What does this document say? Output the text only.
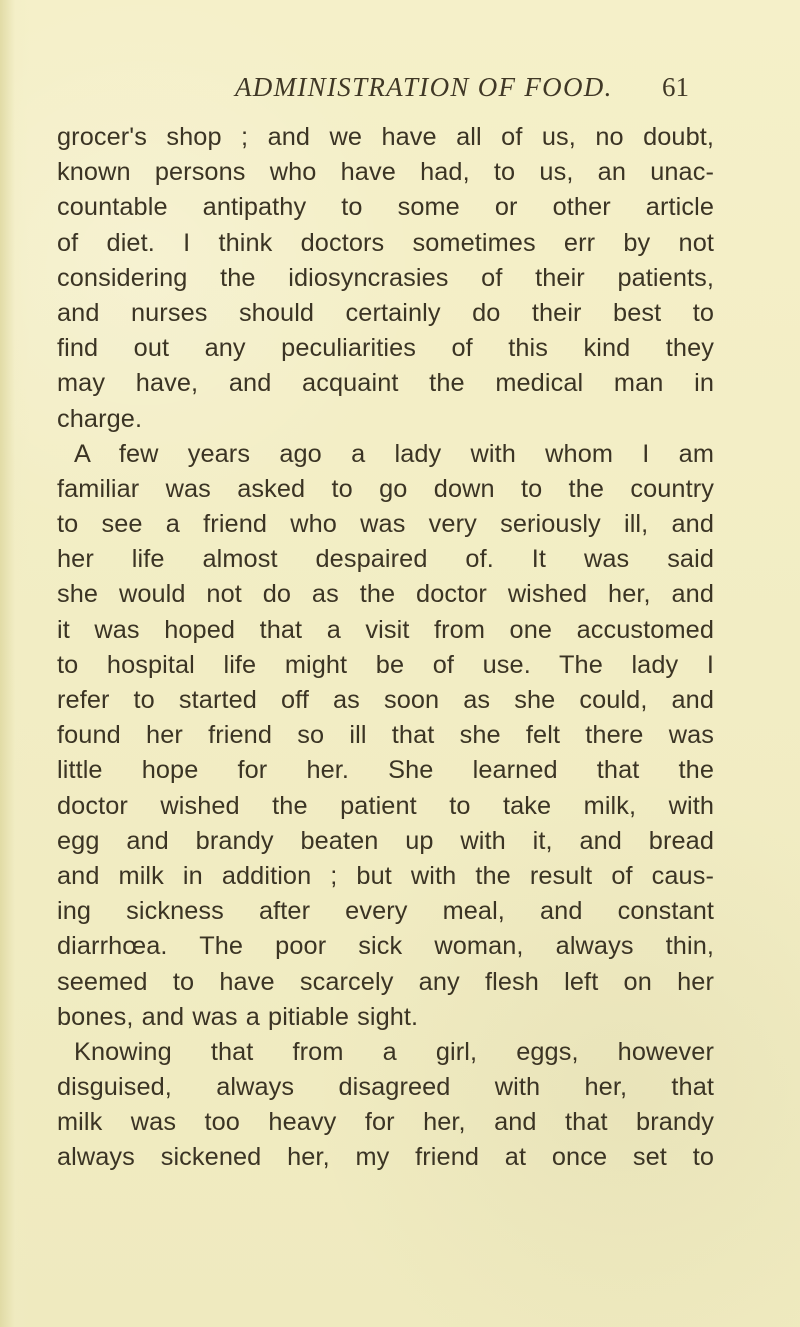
ADMINISTRATION OF FOOD. 61
grocer's shop ; and we have all of us, no doubt,
known persons who have had, to us, an unac-
countable antipathy to some or other article
of diet. I think doctors sometimes err by not
considering the idiosyncrasies of their patients,
and nurses should certainly do their best to
find out any peculiarities of this kind they
may have, and acquaint the medical man in
charge.
A few years ago a lady with whom I am
familiar was asked to go down to the country
to see a friend who was very seriously ill, and
her life almost despaired of. It was said
she would not do as the doctor wished her, and
it was hoped that a visit from one accustomed
to hospital life might be of use. The lady I
refer to started off as soon as she could, and
found her friend so ill that she felt there was
little hope for her. She learned that the
doctor wished the patient to take milk, with
egg and brandy beaten up with it, and bread
and milk in addition ; but with the result of caus-
ing sickness after every meal, and constant
diarrhœa. The poor sick woman, always thin,
seemed to have scarcely any flesh left on her
bones, and was a pitiable sight.
Knowing that from a girl, eggs, however
disguised, always disagreed with her, that
milk was too heavy for her, and that brandy
always sickened her, my friend at once set to
